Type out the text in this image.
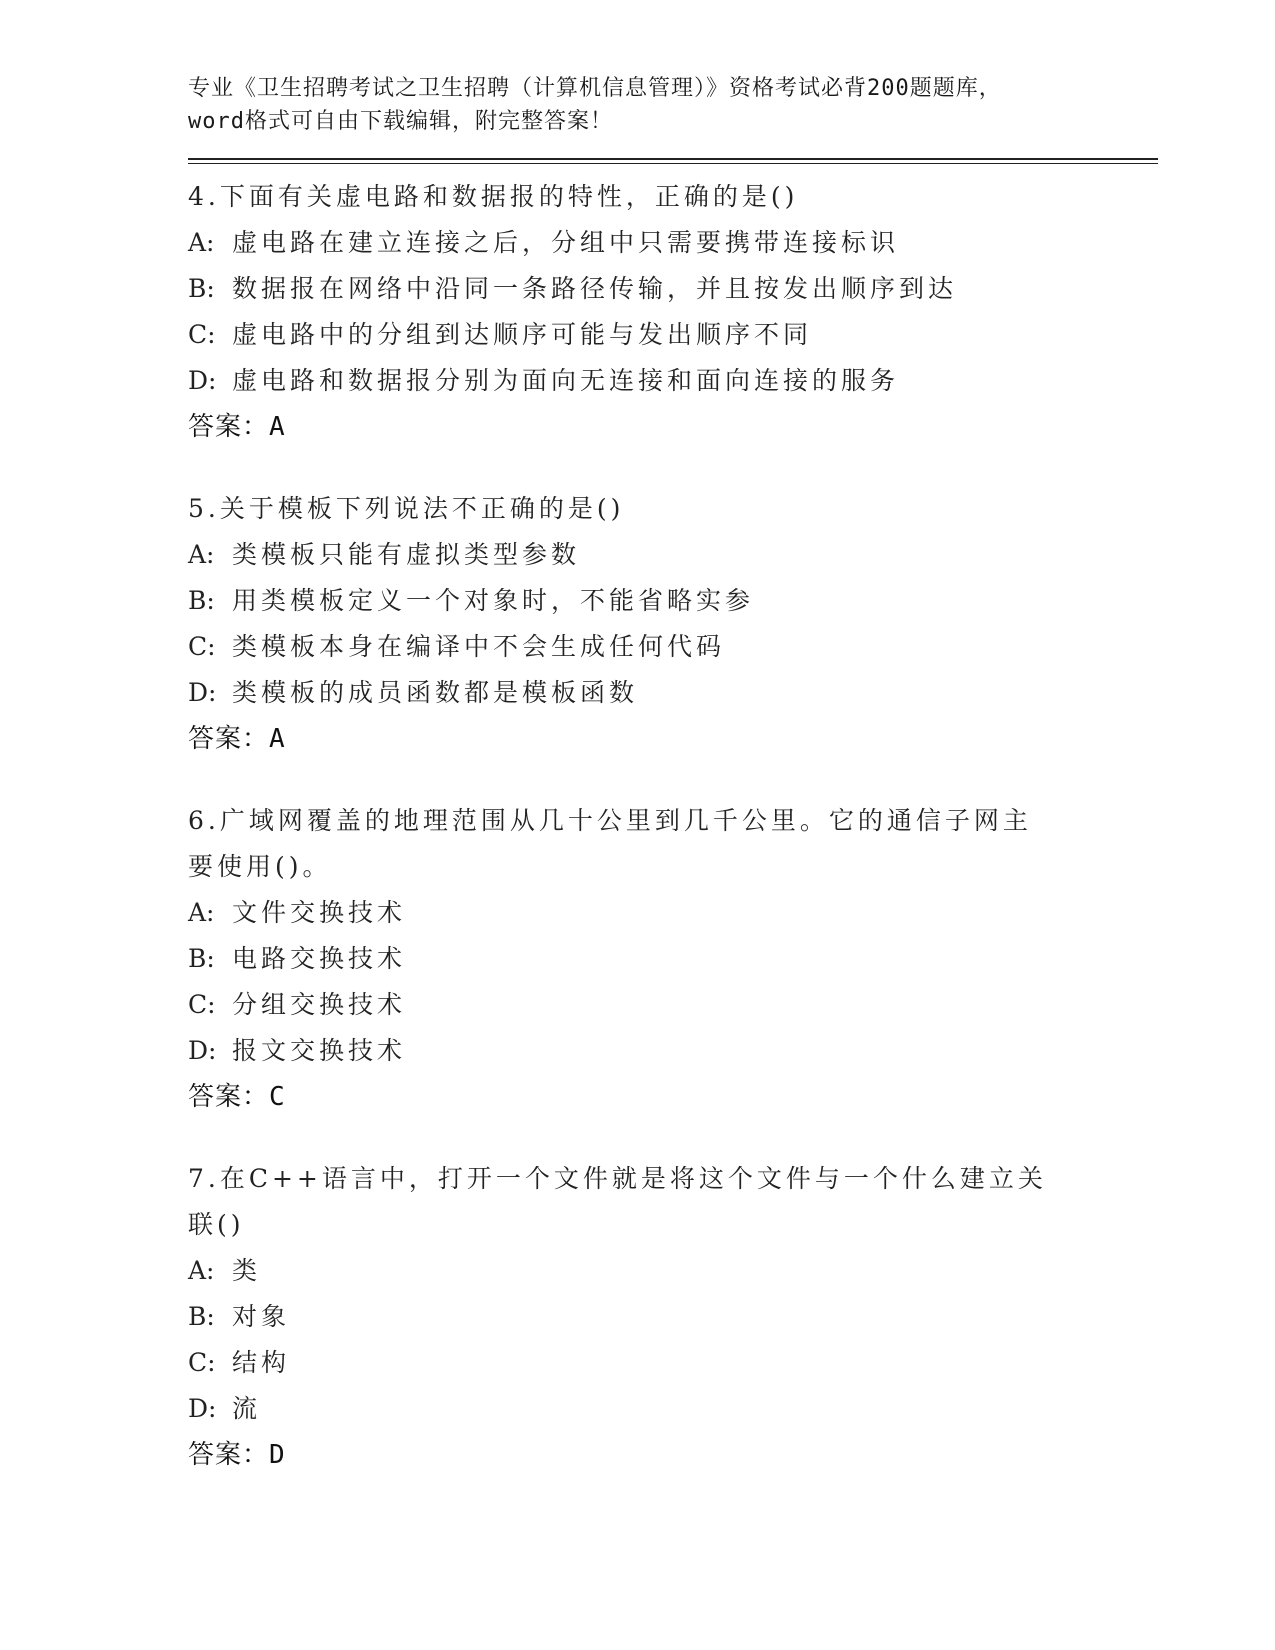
专业《卫生招聘考试之卫生招聘（计算机信息管理）》资格考试必背200题题库，
word格式可自由下载编辑，附完整答案！
4.下面有关虚电路和数据报的特性，正确的是()
A: 虚电路在建立连接之后，分组中只需要携带连接标识
B: 数据报在网络中沿同一条路径传输，并且按发出顺序到达
C: 虚电路中的分组到达顺序可能与发出顺序不同
D: 虚电路和数据报分别为面向无连接和面向连接的服务
答案：A
5.关于模板下列说法不正确的是()
A: 类模板只能有虚拟类型参数
B: 用类模板定义一个对象时，不能省略实参
C: 类模板本身在编译中不会生成任何代码
D: 类模板的成员函数都是模板函数
答案：A
6.广域网覆盖的地理范围从几十公里到几千公里。它的通信子网主要使用()。
A: 文件交换技术
B: 电路交换技术
C: 分组交换技术
D: 报文交换技术
答案：C
7.在C++语言中，打开一个文件就是将这个文件与一个什么建立关联()
A: 类
B: 对象
C: 结构
D: 流
答案：D
